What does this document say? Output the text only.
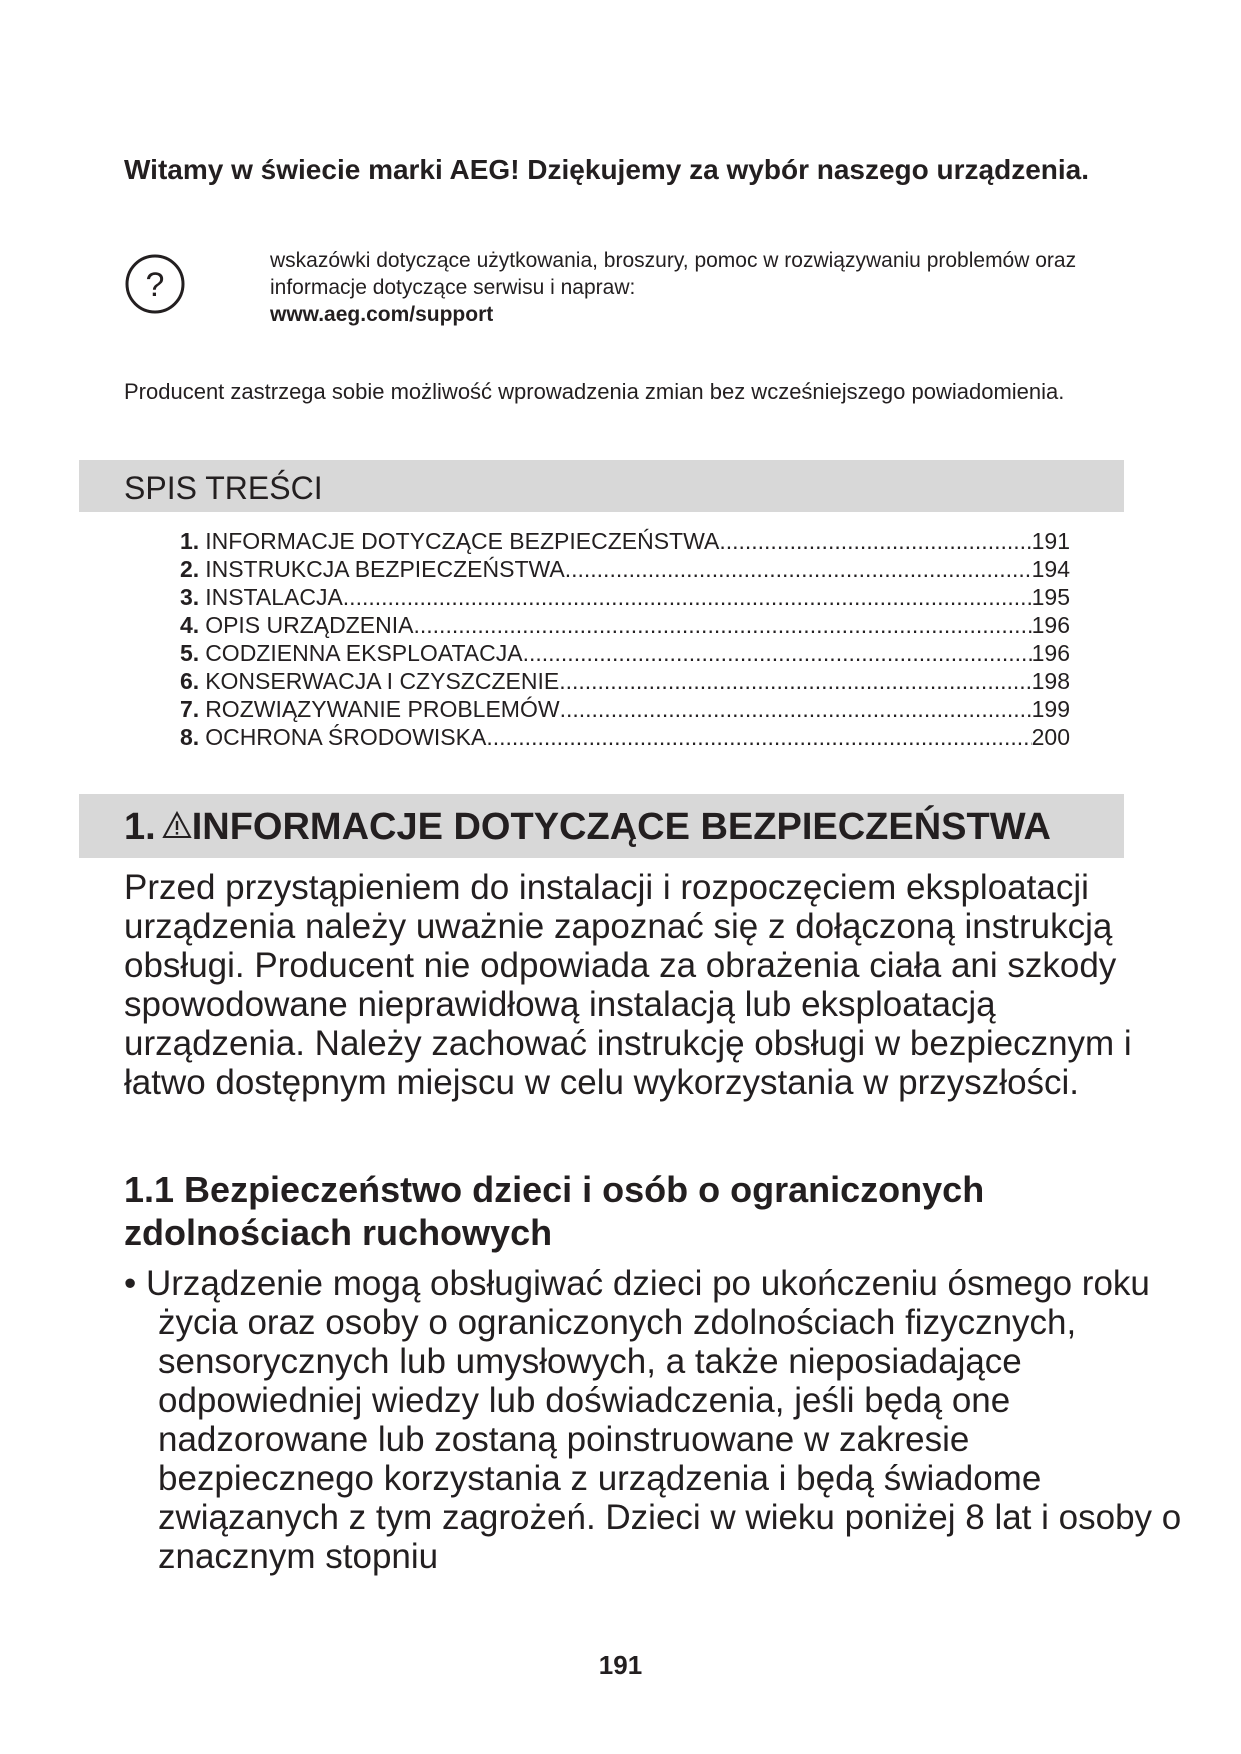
Witamy w świecie marki AEG! Dziękujemy za wybór naszego urządzenia.
?
wskazówki dotyczące użytkowania, broszury, pomoc w rozwiązywaniu problemów oraz informacje dotyczące serwisu i napraw:
www.aeg.com/support
Producent zastrzega sobie możliwość wprowadzenia zmian bez wcześniejszego powiadomienia.
SPIS TREŚCI
1. INFORMACJE DOTYCZĄCE BEZPIECZEŃSTWA .....	191
2. INSTRUKCJA BEZPIECZEŃSTWA .....	194
3. INSTALACJA .....	195
4. OPIS URZĄDZENIA .....	196
5. CODZIENNA EKSPLOATACJA .....	196
6. KONSERWACJA I CZYSZCZENIE .....	198
7. ROZWIĄZYWANIE PROBLEMÓW .....	199
8. OCHRONA ŚRODOWISKA .....	200
1. INFORMACJE DOTYCZĄCE BEZPIECZEŃSTWA

Przed przystąpieniem do instalacji i rozpoczęciem eksploatacji urządzenia należy uważnie zapoznać się z dołączoną instrukcją obsługi. Producent nie odpowiada za obrażenia ciała ani szkody spowodowane nieprawidłową instalacją lub eksploatacją urządzenia. Należy zachować instrukcję obsługi w bezpiecznym i łatwo dostępnym miejscu w celu wykorzystania w przyszłości.

1.1 Bezpieczeństwo dzieci i osób o ograniczonych zdolnościach ruchowych

• Urządzenie mogą obsługiwać dzieci po ukończeniu ósmego roku życia oraz osoby o ograniczonych zdolnościach fizycznych, sensorycznych lub umysłowych, a także nieposiadające odpowiedniej wiedzy lub doświadczenia, jeśli będą one nadzorowane lub zostaną poinstruowane w zakresie bezpiecznego korzystania z urządzenia i będą świadome związanych z tym zagrożeń. Dzieci w wieku poniżej 8 lat i osoby o znacznym stopniu

191
